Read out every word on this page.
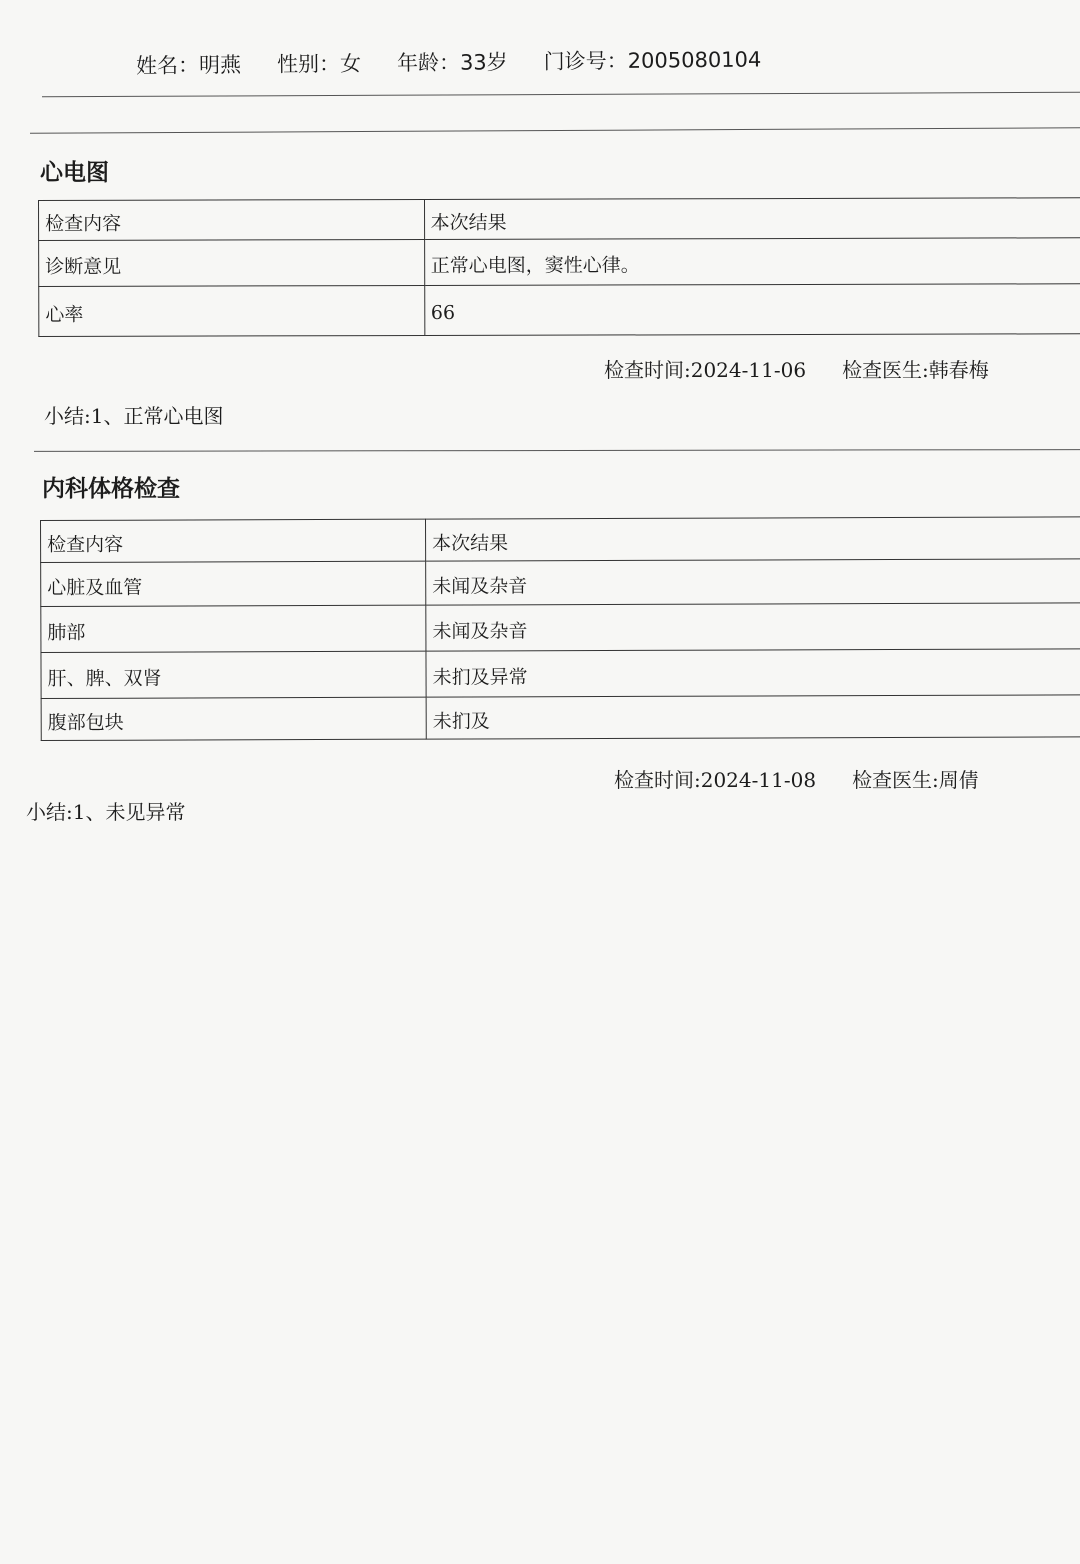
姓名：明燕 性别：女 年龄：33岁 门诊号：2005080104
心电图
检查内容	本次结果
诊断意见	正常心电图，窦性心律。
心率	66
检查时间:2024-11-06 检查医生:韩春梅
小结:1、正常心电图
内科体格检查
检查内容	本次结果
心脏及血管	未闻及杂音
肺部	未闻及杂音
肝、脾、双肾	未扪及异常
腹部包块	未扪及
检查时间:2024-11-08 检查医生:周倩
小结:1、未见异常
